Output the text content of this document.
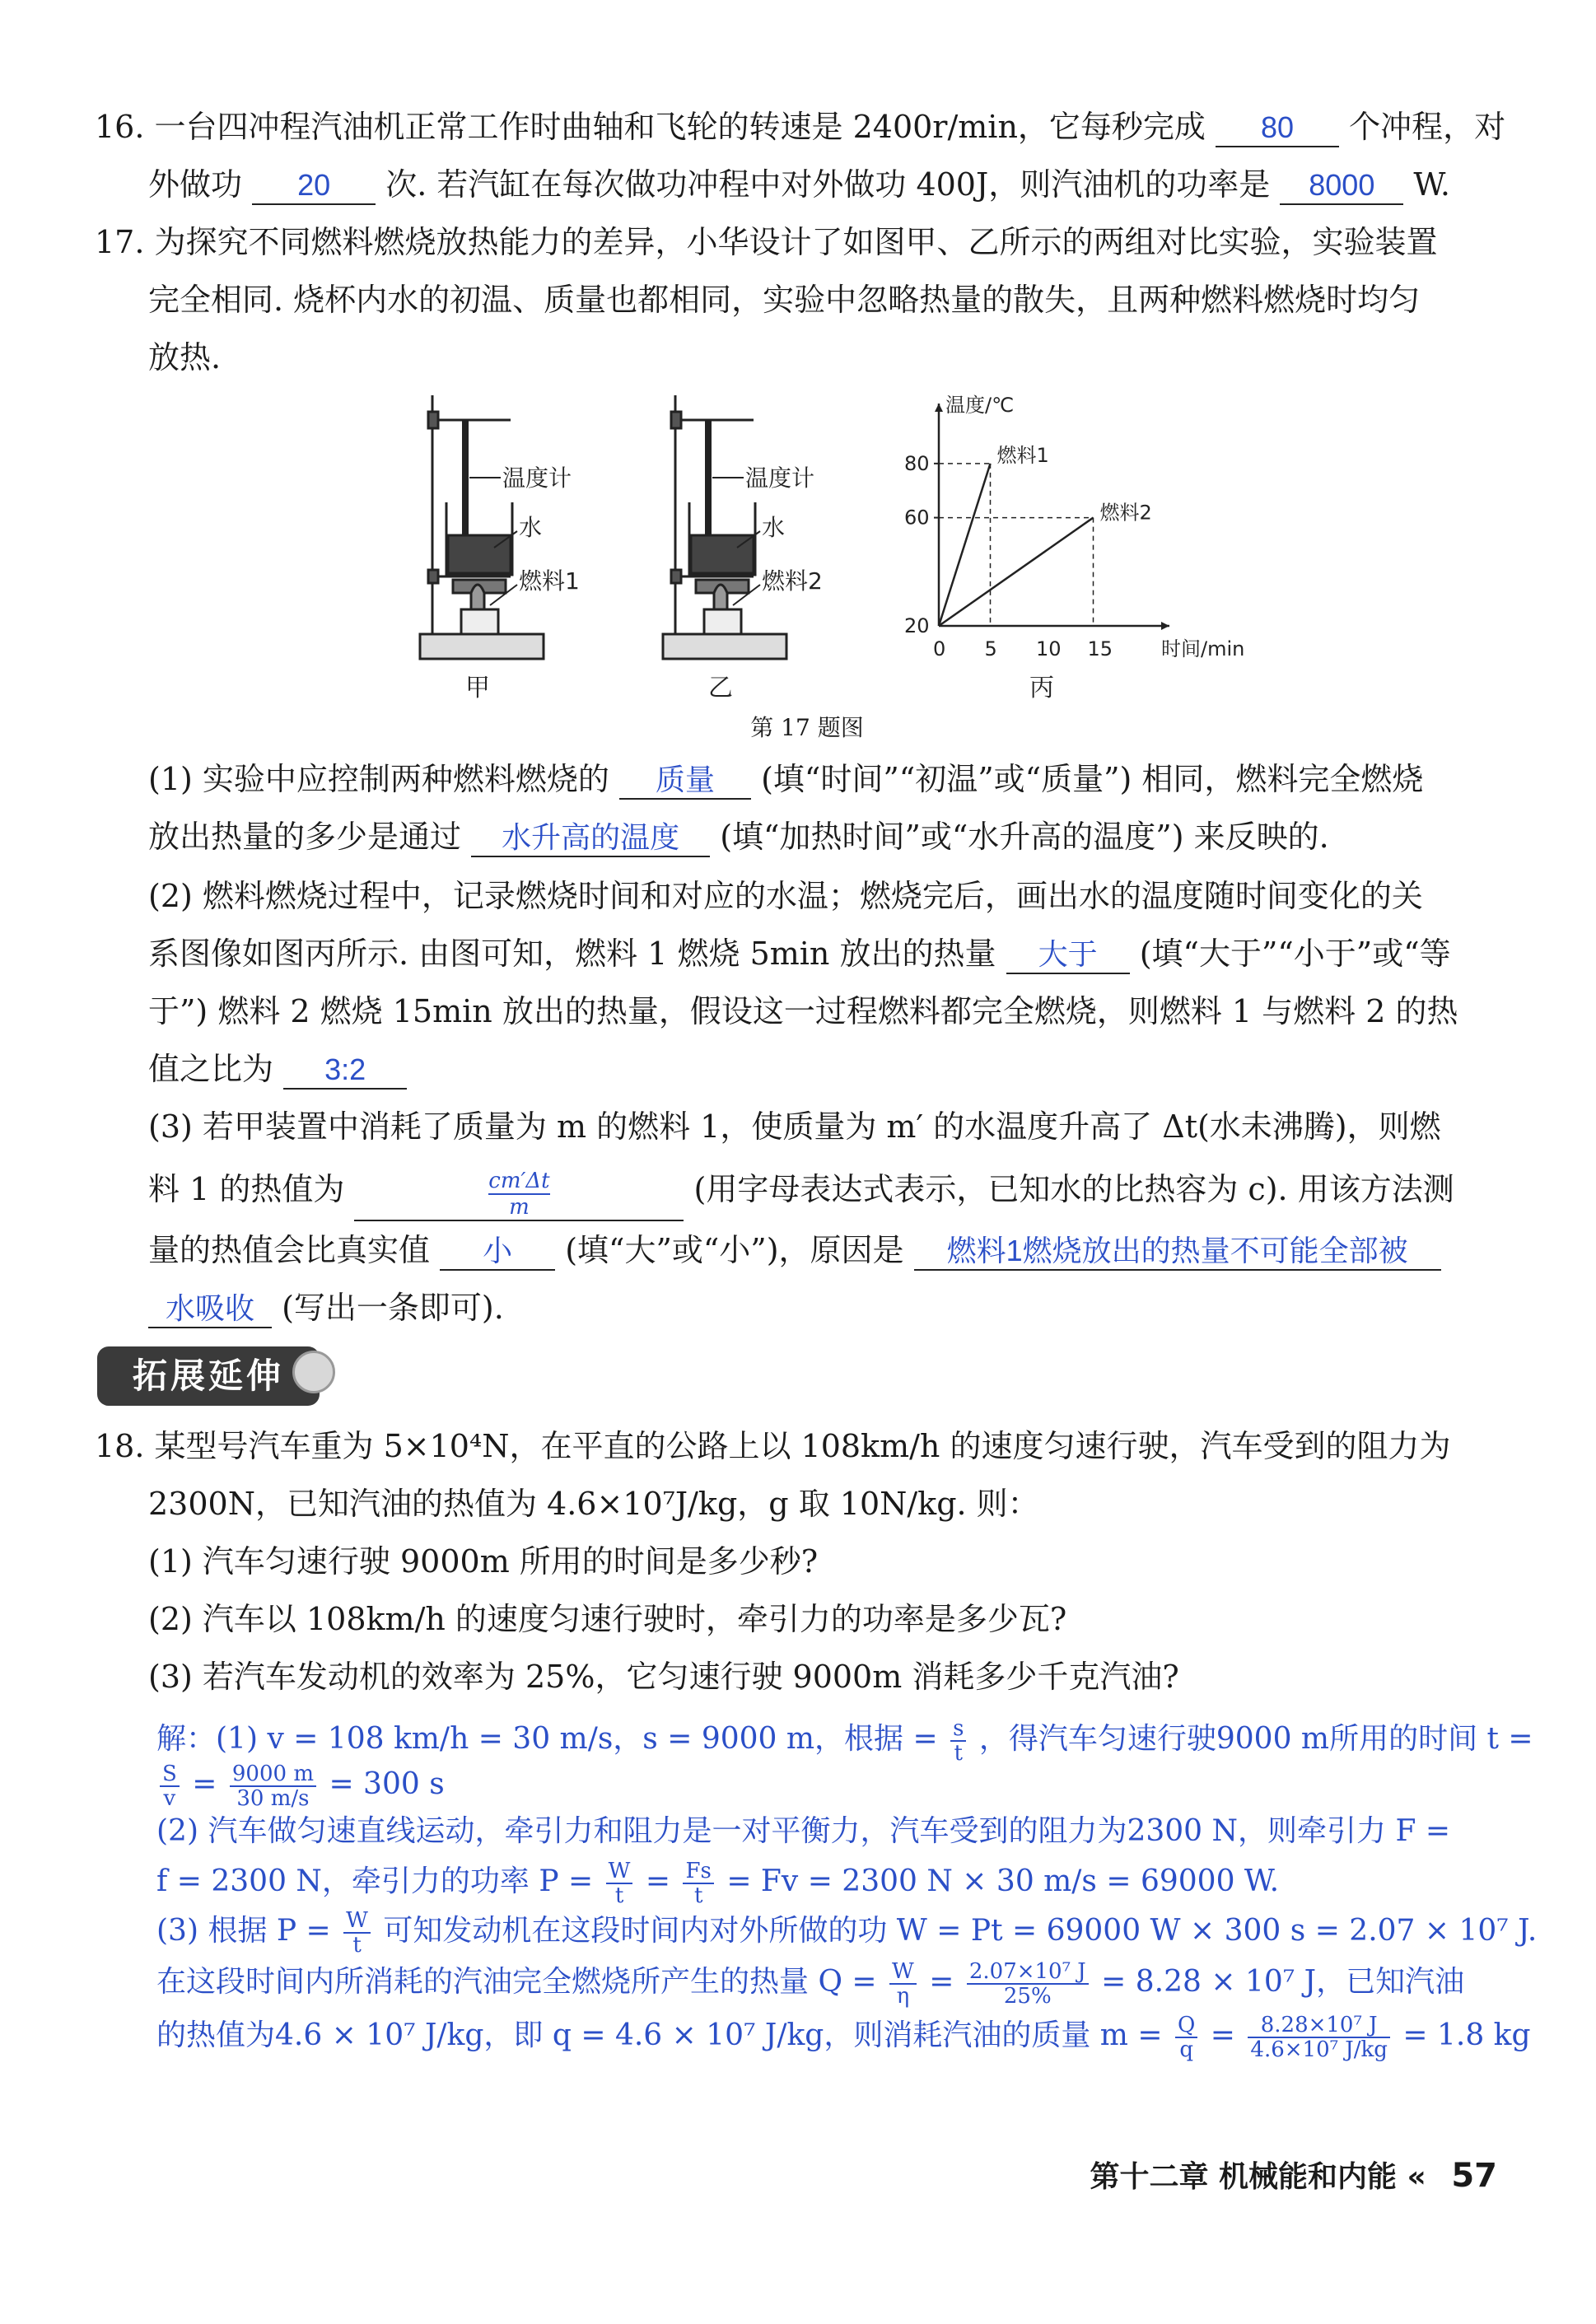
16. 一台四冲程汽油机正常工作时曲轴和飞轮的转速是 2400r/min，它每秒完成 80 个冲程，对
外做功 20 次. 若汽缸在每次做功冲程中对外做功 400J，则汽油机的功率是 8000 W.
17. 为探究不同燃料燃烧放热能力的差异，小华设计了如图甲、乙所示的两组对比实验，实验装置
完全相同. 烧杯内水的初温、质量也都相同，实验中忽略热量的散失，且两种燃料燃烧时均匀
放热.
温度计
水
燃料1
甲
温度计
水
燃料2
乙
温度/℃
时间/min
0 5 10 15
20
60
80	燃料1
燃料2
丙
第 17 题图
(1) 实验中应控制两种燃料燃烧的 质量 (填“时间”“初温”或“质量”) 相同，燃料完全燃烧
放出热量的多少是通过 水升高的温度 (填“加热时间”或“水升高的温度”) 来反映的.
(2) 燃料燃烧过程中，记录燃烧时间和对应的水温；燃烧完后，画出水的温度随时间变化的关
系图像如图丙所示. 由图可知，燃料 1 燃烧 5min 放出的热量 大于 (填“大于”“小于”或“等
于”) 燃料 2 燃烧 15min 放出的热量，假设这一过程燃料都完全燃烧，则燃料 1 与燃料 2 的热
值之比为 3:2
(3) 若甲装置中消耗了质量为 m 的燃料 1，使质量为 m′ 的水温度升高了 Δt(水未沸腾)，则燃
料 1 的热值为	$\frac{cm'\Delta t}{m}$	(用字母表达式表示，已知水的比热容为 c). 用该方法测
量的热值会比真实值 小 (填“大”或“小”)，原因是 燃料1燃烧放出的热量不可能全部被
水吸收 (写出一条即可).
拓展延伸
18. 某型号汽车重为 5×10⁴N，在平直的公路上以 108km/h 的速度匀速行驶，汽车受到的阻力为
2300N，已知汽油的热值为 4.6×10⁷J/kg，g 取 10N/kg. 则：
(1) 汽车匀速行驶 9000m 所用的时间是多少秒?
(2) 汽车以 108km/h 的速度匀速行驶时，牵引力的功率是多少瓦?
(3) 若汽车发动机的效率为 25%，它匀速行驶 9000m 消耗多少千克汽油?
解：(1) v = 108 km/h = 30 m/s，s = 9000 m，根据 = $\frac{s}{t}$ ，得汽车匀速行驶9000 m所用的时间 t =
$\frac{S}{v} = \frac{9000 m}{30 m/s} = 300$ s
(2) 汽车做匀速直线运动，牵引力和阻力是一对平衡力，汽车受到的阻力为2300 N，则牵引力 F =
f = 2300 N，牵引力的功率 $P = \frac{W}{t} = \frac{Fs}{t} = Fv = 2300$ N × 30 m/s = 69000 W.
(3) 根据 $P = \frac{W}{t}$ 可知发动机在这段时间内对外所做的功 W = Pt = 69000 W × 300 s = 2.07 × 10⁷ J.
在这段时间内所消耗的汽油完全燃烧所产生的热量 $Q = \frac{W}{\eta} = \frac{\text{2.07×10⁷ J}}{25\%} = 8.28 \times 10^7$ J，已知汽油
的热值为4.6 × 10⁷ J/kg，即 q = 4.6 × 10⁷ J/kg，则消耗汽油的质量 $m = \frac{Q}{q} = \frac{\text{8.28×10⁷ J}}{\text{4.6×10⁷ J/kg}} = 1.8$ kg
第十二章 机械能和内能 « 57
